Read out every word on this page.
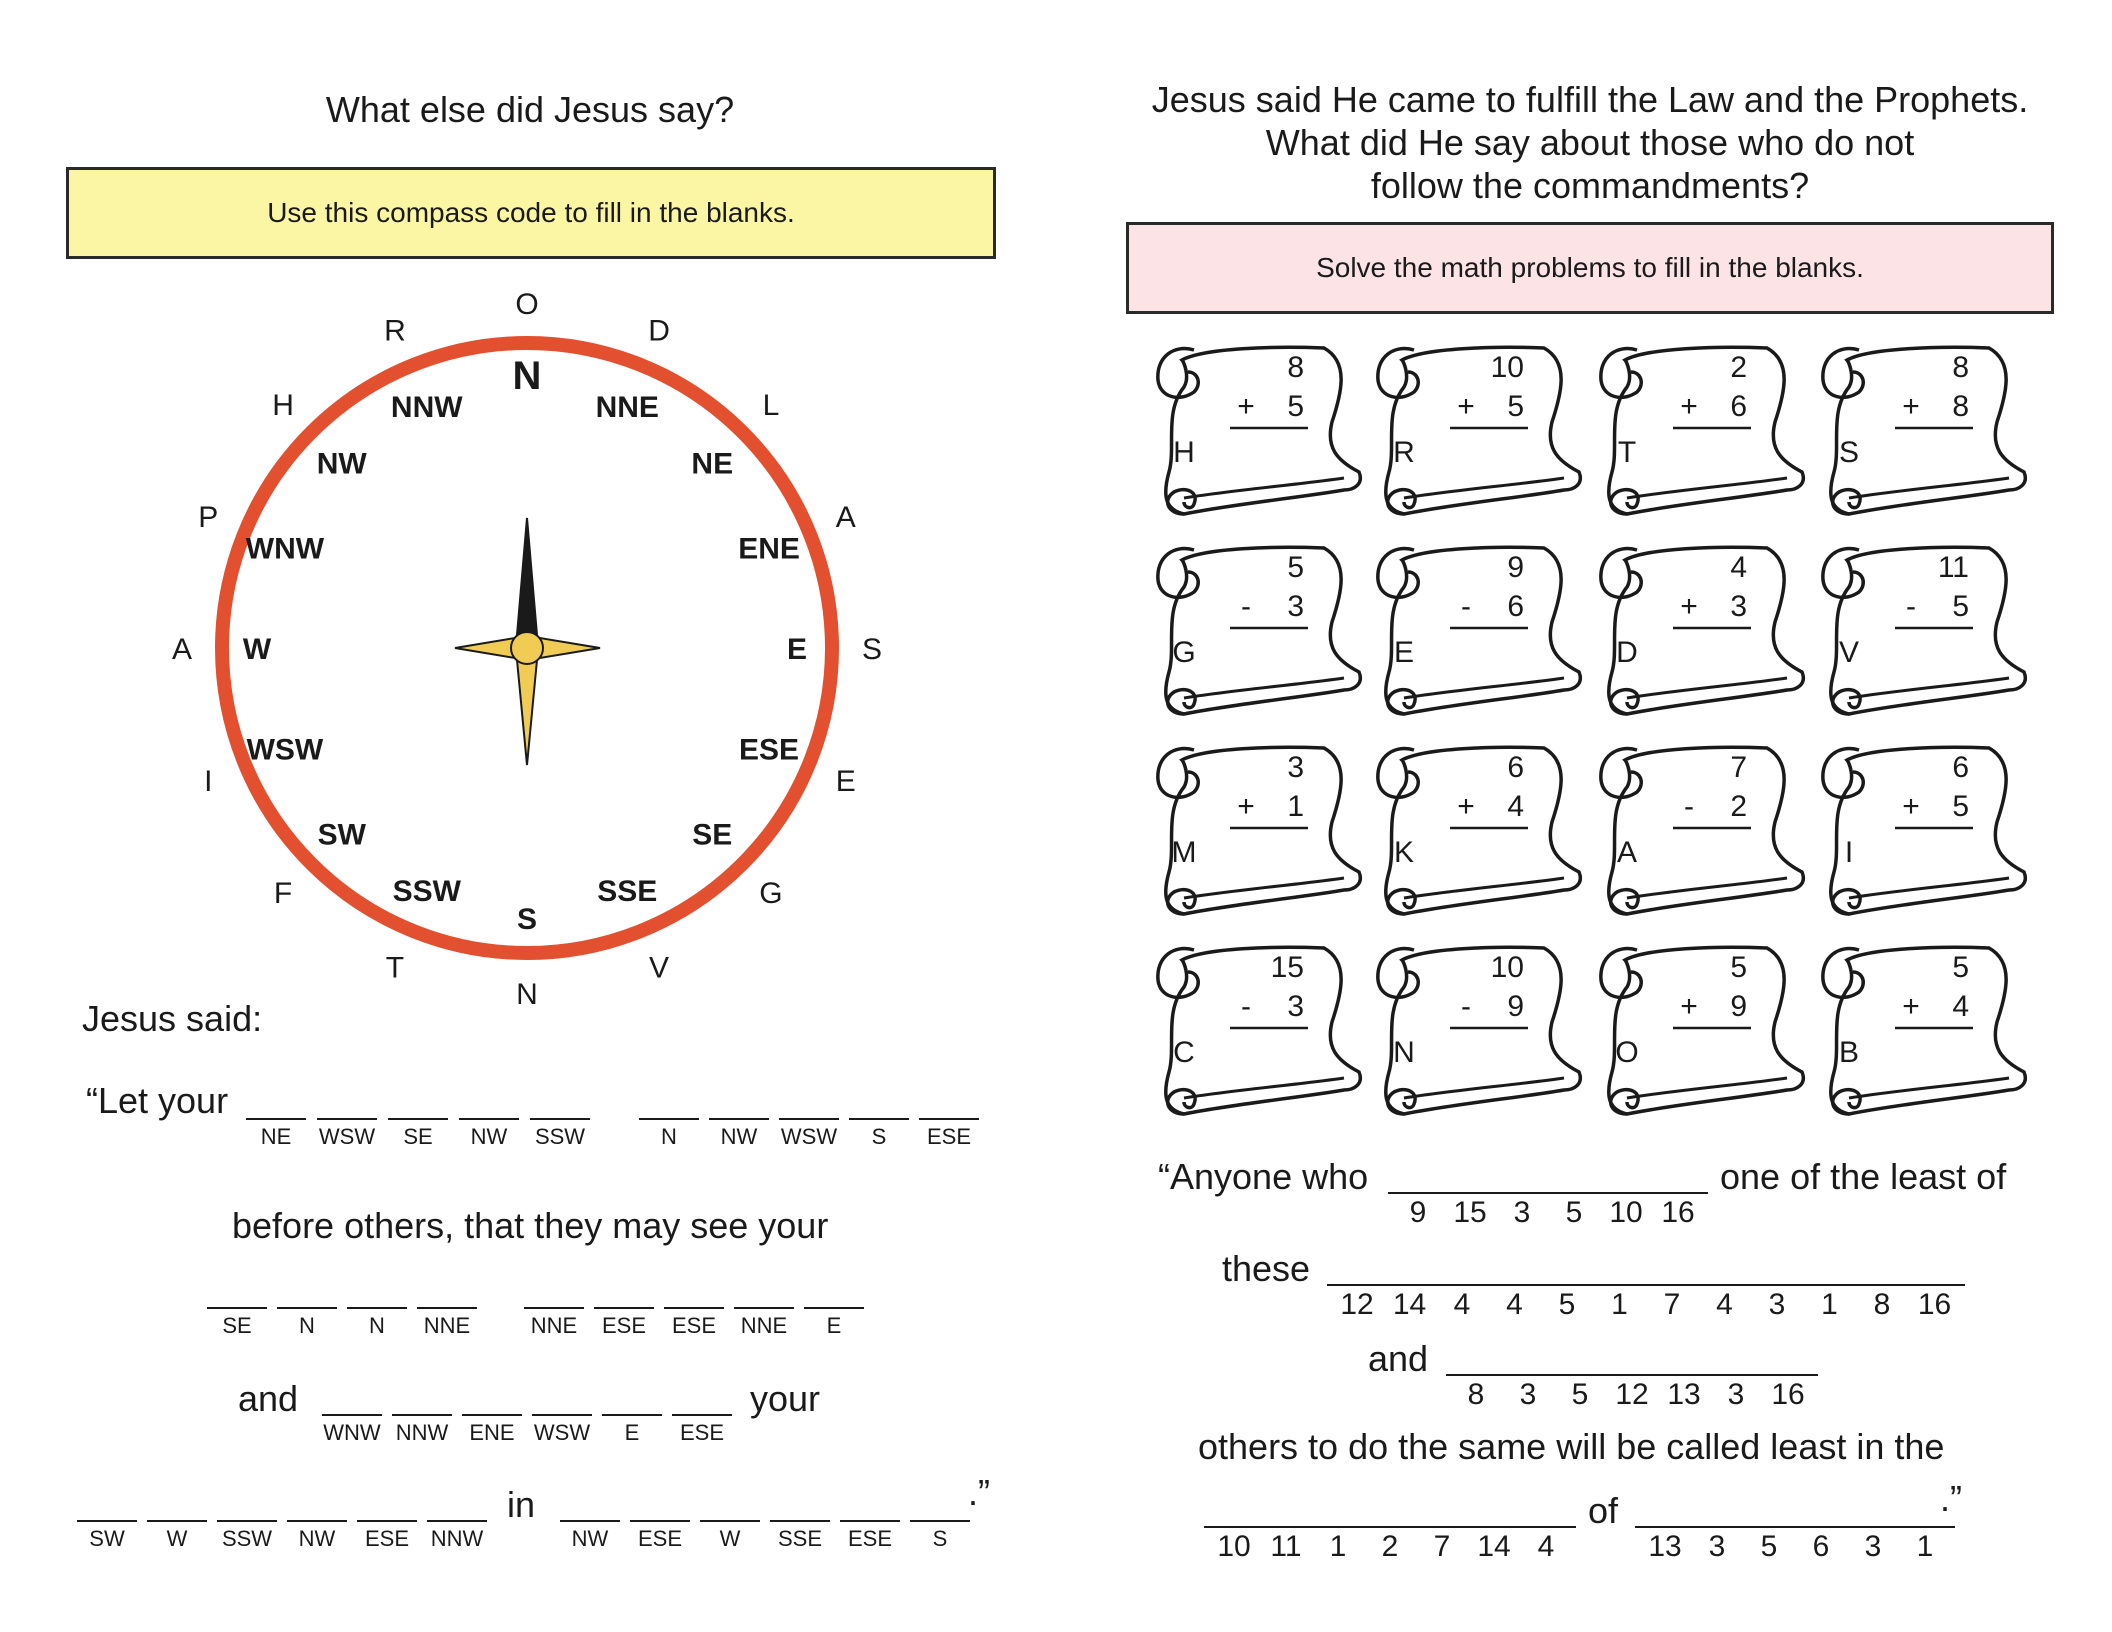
What else did Jesus say?
Use this compass code to fill in the blanks.
N
NNE
NE
ENE
E
ESE
SE
SSE
S
SSW
SW
WSW
W
WNW
NW
NNW
O
D
L
A
S
E
G
V
N
T
F
I
A
P
H
R
Jesus said:
“Let your
before others, that they may see your
and	your
in	.”
NE	WSW	SE	NW	SSW	N	NW	WSW	S	ESE
SE	N	N	NNE	NNE	ESE	ESE	NNE	E
WNW NNW ENE WSW	E	ESE
SW	W	SSW	NW	ESE NNW	NW	ESE	W	SSE	ESE	S
Jesus said He came to fulfill the Law and the Prophets.
What did He say about those who do not
follow the commandments?
Solve the math problems to fill in the blanks.
8
+ 5
H
10
+ 5
R
2
+ 6
T
8
+ 8
S
5
- 3
G
9
- 6
E
4
+ 3
D
11
- 5
V
3
+ 1
M
6
+ 4
K
7
- 2
A
6
+ 5
I
15
- 3
C
10
- 9
N
5
+ 9
O
5
+ 4
B
“Anyone who	one of the least of
these
and
others to do the same will be called least in the
of	.”
9 15 3	5 10 16
12 14 4	4	5	1	7	4	3	1	8 16
8	3	5 12 13 3 16
10 11 1	2	7 14 4	13 3	5	6	3	1
